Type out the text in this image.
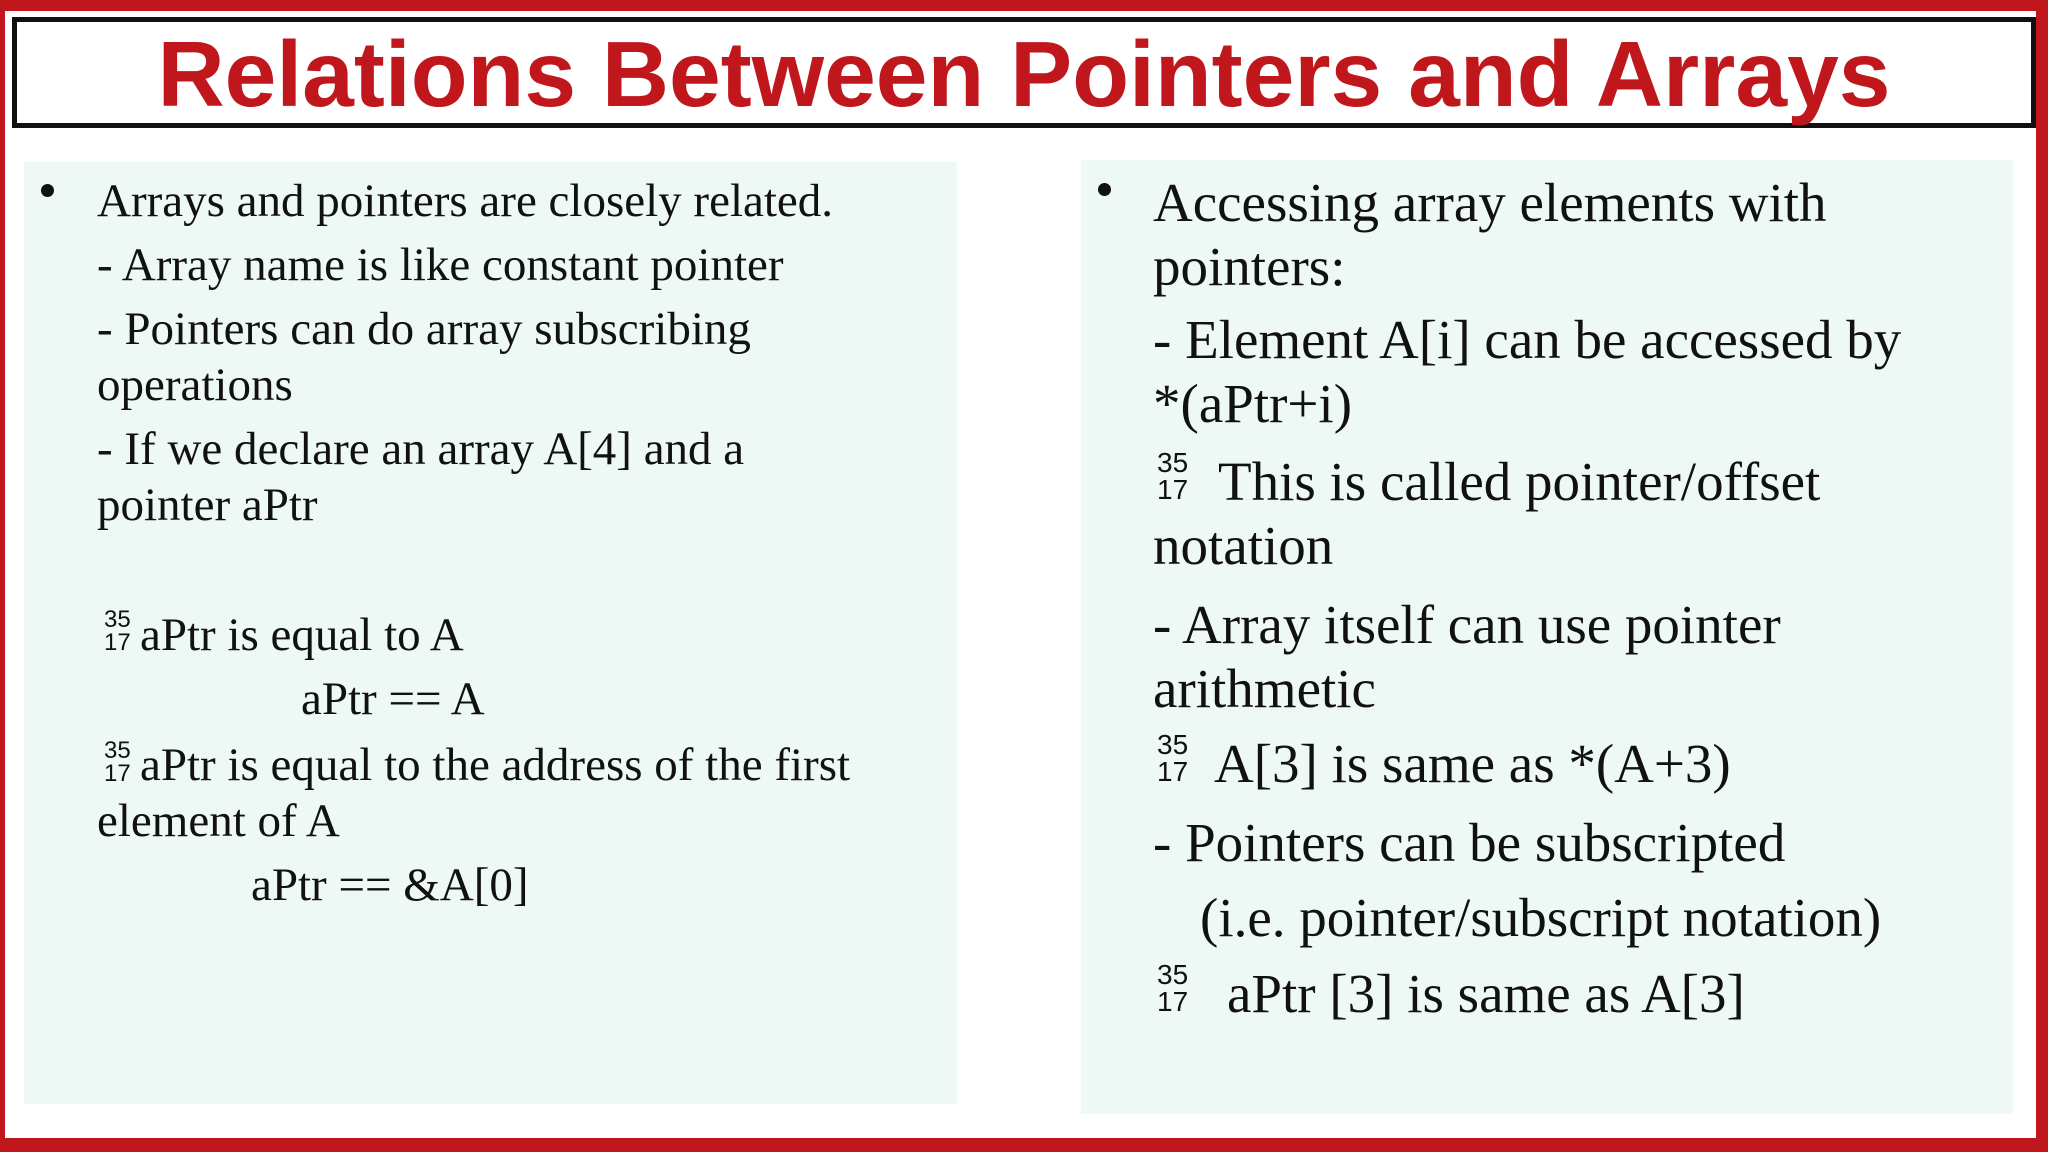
Relations Between Pointers and Arrays
Arrays and pointers are closely related.
- Array name is like constant pointer
- Pointers can do array subscribing
operations
- If we declare an array A[4] and a
pointer aPtr
35
17 aPtr is equal to A
aPtr == A
35
17 aPtr is equal to the address of the first
element of A
aPtr == &A[0]
Accessing array elements with
pointers:
- Element A[i] can be accessed by
*(aPtr+i)
35
17 This is called pointer/offset
notation
- Array itself can use pointer
arithmetic
35
17 A[3] is same as *(A+3)
- Pointers can be subscripted
(i.e. pointer/subscript notation)
35
17 aPtr [3] is same as A[3]
